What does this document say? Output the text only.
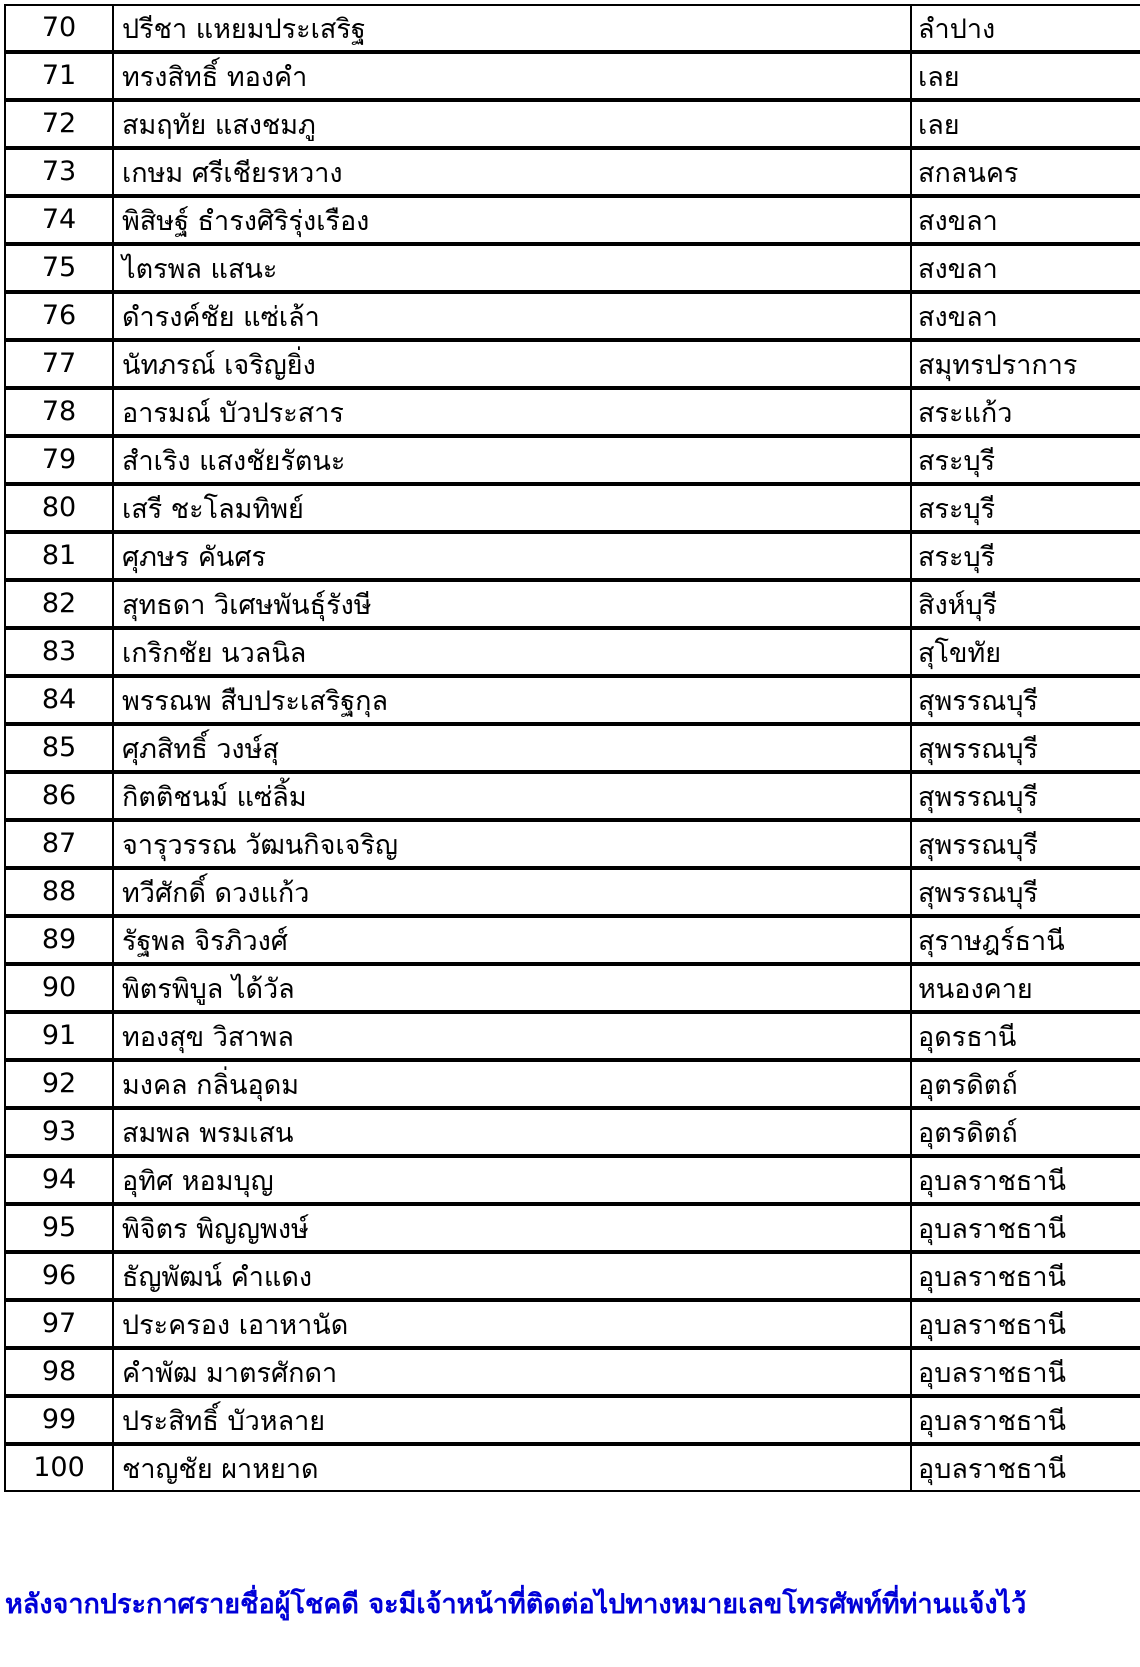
70	ปรีชา แหยมประเสริฐ	ลำปาง
71	ทรงสิทธิ์ ทองคำ	เลย
72	สมฤทัย แสงชมภู	เลย
73	เกษม ศรีเชียรหวาง	สกลนคร
74	พิสิษฐ์ ธำรงศิริรุ่งเรือง	สงขลา
75	ไตรพล แสนะ	สงขลา
76	ดำรงค์ชัย แซ่เล้า	สงขลา
77	นัทภรณ์ เจริญยิ่ง	สมุทรปราการ
78	อารมณ์ บัวประสาร	สระแก้ว
79	สำเริง แสงชัยรัตนะ	สระบุรี
80	เสรี ชะโลมทิพย์	สระบุรี
81	ศุภษร คันศร	สระบุรี
82	สุทธดา วิเศษพันธุ์รังษี	สิงห์บุรี
83	เกริกชัย นวลนิล	สุโขทัย
84	พรรณพ สืบประเสริฐกุล	สุพรรณบุรี
85	ศุภสิทธิ์ วงษ์สุ	สุพรรณบุรี
86	กิตติชนม์ แซ่ลิ้ม	สุพรรณบุรี
87	จารุวรรณ วัฒนกิจเจริญ	สุพรรณบุรี
88	ทวีศักดิ์ ดวงแก้ว	สุพรรณบุรี
89	รัฐพล จิรภิวงศ์	สุราษฎร์ธานี
90	พิตรพิบูล ได้วัล	หนองคาย
91	ทองสุข วิสาพล	อุดรธานี
92	มงคล กลิ่นอุดม	อุตรดิตถ์
93	สมพล พรมเสน	อุตรดิตถ์
94	อุทิศ หอมบุญ	อุบลราชธานี
95	พิจิตร พิญญพงษ์	อุบลราชธานี
96	ธัญพัฒน์ คำแดง	อุบลราชธานี
97	ประครอง เอาหานัด	อุบลราชธานี
98	คำพัฒ มาตรศักดา	อุบลราชธานี
99	ประสิทธิ์ บัวหลาย	อุบลราชธานี
100	ชาญชัย ผาหยาด	อุบลราชธานี
หลังจากประกาศรายชื่อผู้โชคดี จะมีเจ้าหน้าที่ติดต่อไปทางหมายเลขโทรศัพท์ที่ท่านแจ้งไว้
